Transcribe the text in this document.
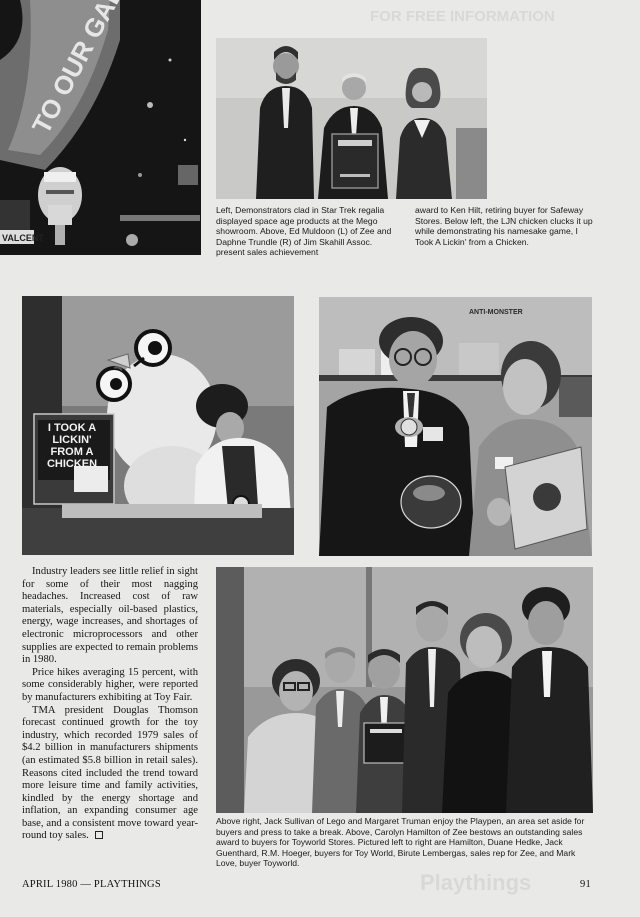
FOR FREE INFORMATION
Playthings
TO OUR
VALCENT

Left, Demonstrators clad in Star Trek regalia displayed space age products at the Mego showroom. Above, Ed Muldoon (L) of Zee and Daphne Trundle (R) of Jim Skahill Assoc. present sales achievement

award to Ken Hilt, retiring buyer for Safeway Stores. Below left, the LJN chicken clucks it up while demonstrating his namesake game, I Took A Lickin' from a Chicken.

I TOOK A LICKIN' FROM A CHICKEN
ANTI-MONSTER

Industry leaders see little relief in sight for some of their most nagging headaches. Increased cost of raw materials, especially oil-based plastics, energy, wage increases, and shortages of electronic microprocessors and other supplies are expected to remain problems in 1980.

Price hikes averaging 15 percent, with some considerably higher, were reported by manufacturers exhibiting at Toy Fair.

TMA president Douglas Thomson forecast continued growth for the toy industry, which recorded 1979 sales of $4.2 billion in manufacturers shipments (an estimated $5.8 billion in retail sales). Reasons cited included the trend toward more leisure time and family activities, kindled by the energy shortage and inflation, an expanding consumer age base, and a consistent move toward year-round toy sales.

Above right, Jack Sullivan of Lego and Margaret Truman enjoy the Playpen, an area set aside for buyers and press to take a break. Above, Carolyn Hamilton of Zee bestows an outstanding sales award to buyers for Toyworld Stores. Pictured left to right are Hamilton, Duane Hedke, Jack Guenthard, R.M. Hoeger, buyers for Toy World, Birute Lembergas, sales rep for Zee, and Mark Love, buyer Toyworld.

APRIL 1980 — PLAYTHINGS	91
